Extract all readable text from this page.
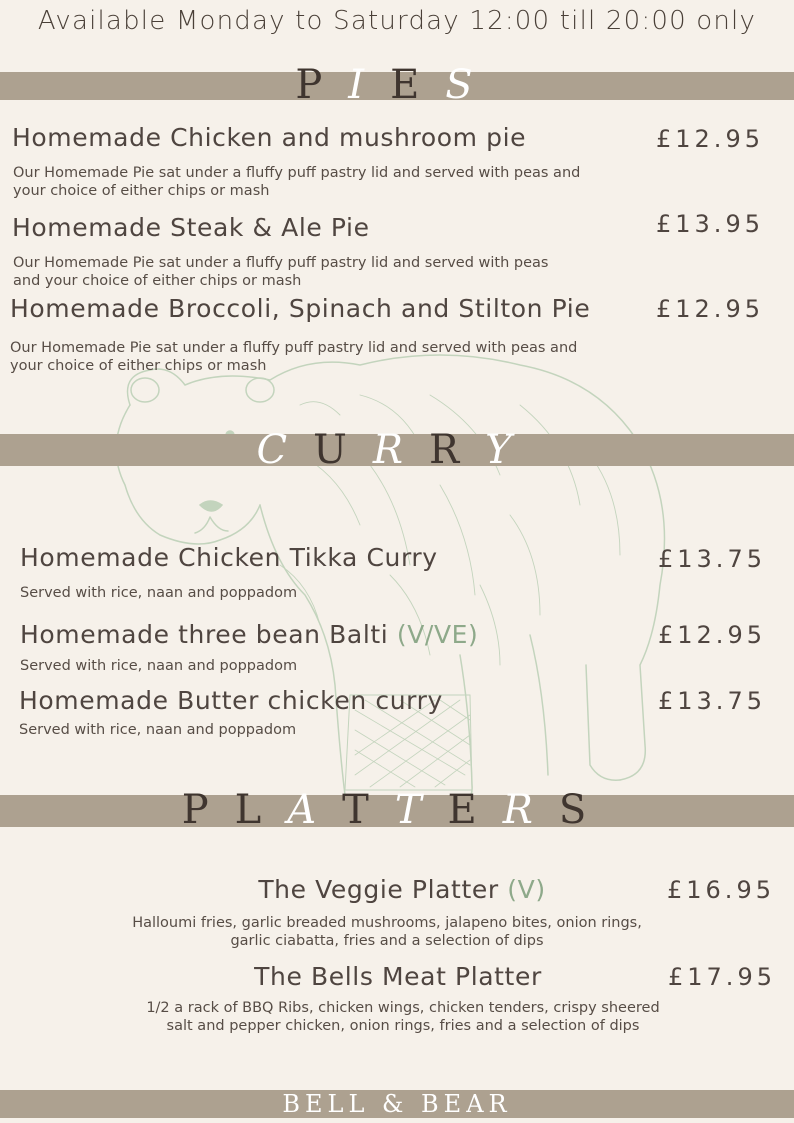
Available Monday to Saturday 12:00 till 20:00 only
PIES
Homemade Chicken and mushroom pie	£12.95
Our Homemade Pie sat under a fluffy puff pastry lid and served with peas and
your choice of either chips or mash
Homemade Steak & Ale Pie	£13.95
Our Homemade Pie sat under a fluffy puff pastry lid and served with peas
and your choice of either chips or mash
Homemade Broccoli, Spinach and Stilton Pie	£12.95
Our Homemade Pie sat under a fluffy puff pastry lid and served with peas and
your choice of either chips or mash
CURRY
Homemade Chicken Tikka Curry	£13.75
Served with rice, naan and poppadom
Homemade three bean Balti (V/VE)	£12.95
Served with rice, naan and poppadom
Homemade Butter chicken curry	£13.75
Served with rice, naan and poppadom
PLATTERS
The Veggie Platter (V)	£16.95
Halloumi fries, garlic breaded mushrooms, jalapeno bites, onion rings,
garlic ciabatta, fries and a selection of dips
The Bells Meat Platter	£17.95
1/2 a rack of BBQ Ribs, chicken wings, chicken tenders, crispy sheered
salt and pepper chicken, onion rings, fries and a selection of dips
BELL & BEAR
